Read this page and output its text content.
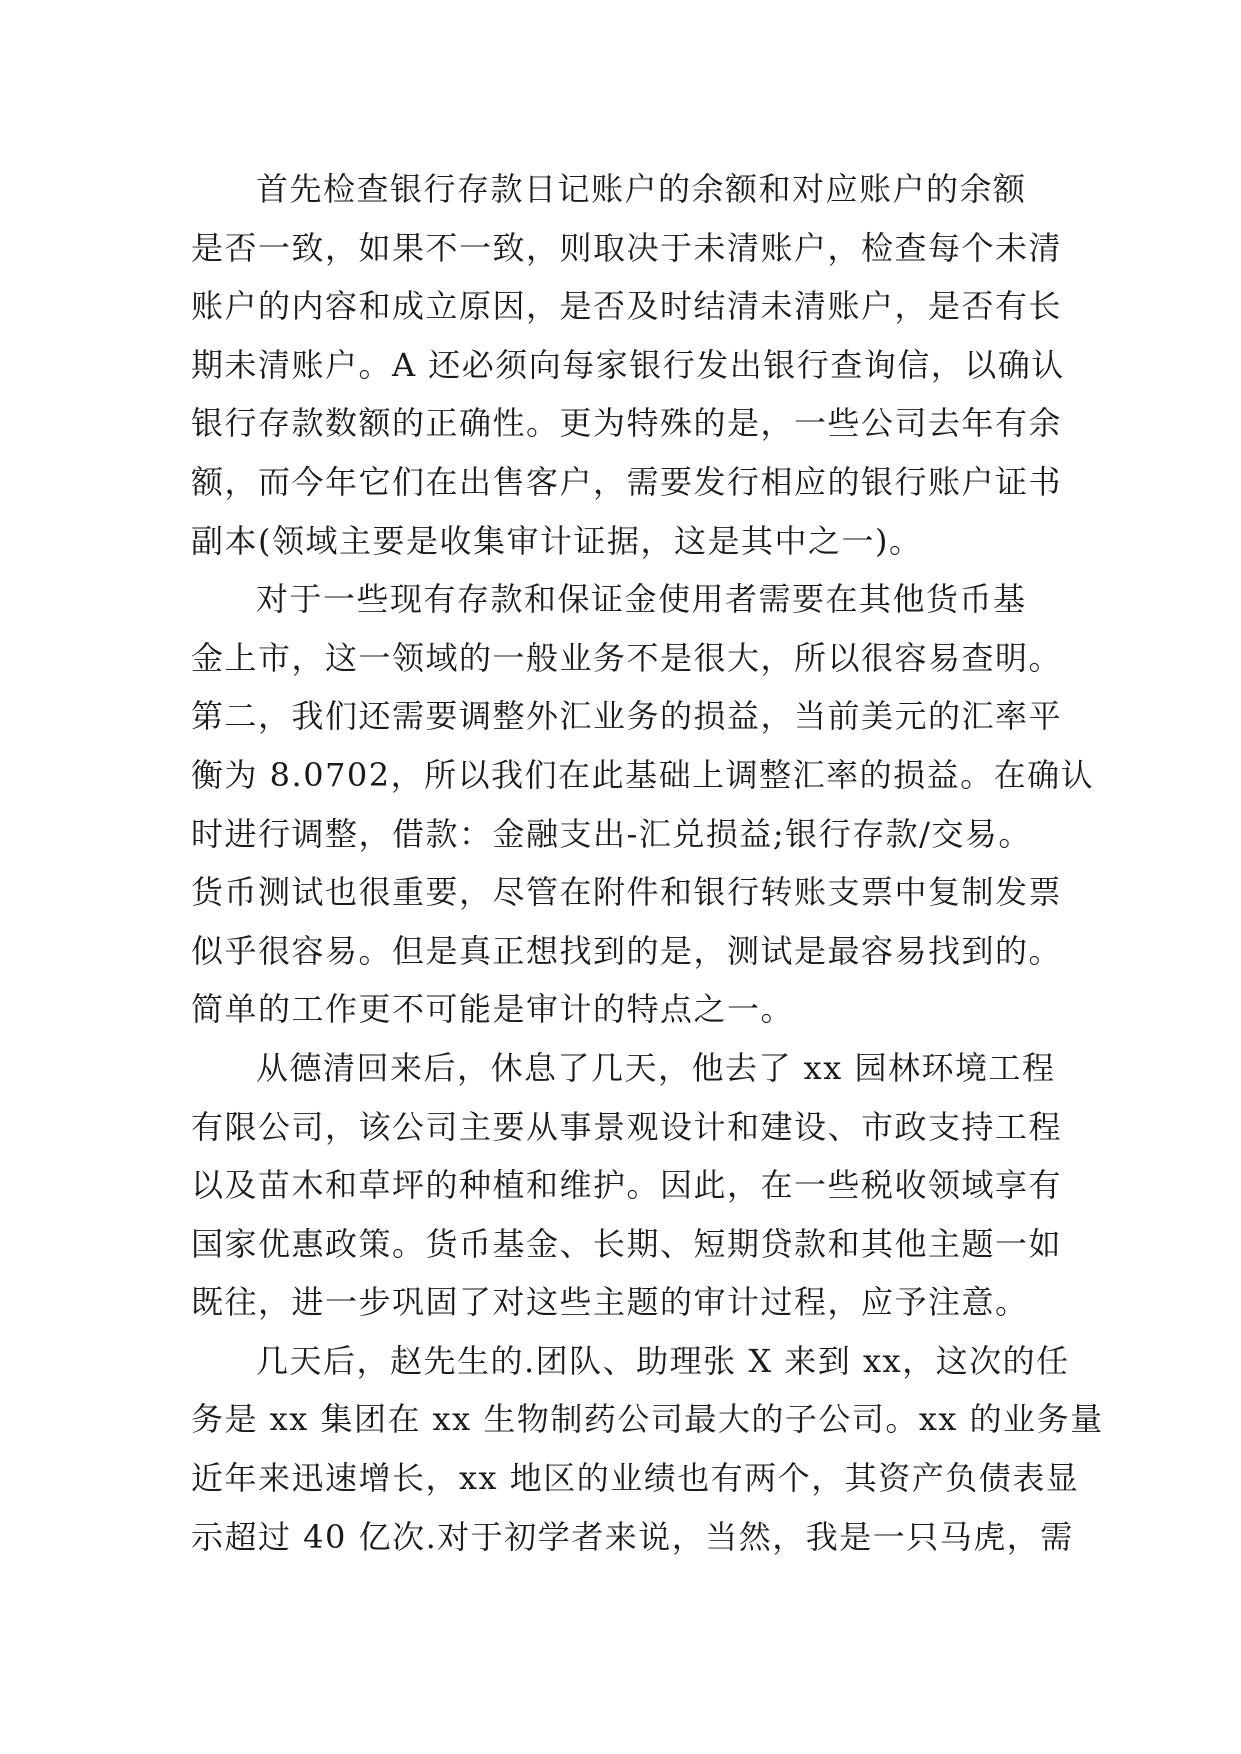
首先检查银行存款日记账户的余额和对应账户的余额
是否一致，如果不一致，则取决于未清账户，检查每个未清
账户的内容和成立原因，是否及时结清未清账户，是否有长
期未清账户。A 还必须向每家银行发出银行查询信，以确认
银行存款数额的正确性。更为特殊的是，一些公司去年有余
额，而今年它们在出售客户，需要发行相应的银行账户证书
副本(领域主要是收集审计证据，这是其中之一)。
对于一些现有存款和保证金使用者需要在其他货币基
金上市，这一领域的一般业务不是很大，所以很容易查明。
第二，我们还需要调整外汇业务的损益，当前美元的汇率平
衡为 8.0702，所以我们在此基础上调整汇率的损益。在确认
时进行调整，借款：金融支出-汇兑损益;银行存款/交易。
货币测试也很重要，尽管在附件和银行转账支票中复制发票
似乎很容易。但是真正想找到的是，测试是最容易找到的。
简单的工作更不可能是审计的特点之一。
从德清回来后，休息了几天，他去了 xx 园林环境工程
有限公司，该公司主要从事景观设计和建设、市政支持工程
以及苗木和草坪的种植和维护。因此，在一些税收领域享有
国家优惠政策。货币基金、长期、短期贷款和其他主题一如
既往，进一步巩固了对这些主题的审计过程，应予注意。
几天后，赵先生的.团队、助理张 X 来到 xx，这次的任
务是 xx 集团在 xx 生物制药公司最大的子公司。xx 的业务量
近年来迅速增长，xx 地区的业绩也有两个，其资产负债表显
示超过 40 亿次.对于初学者来说，当然，我是一只马虎，需
